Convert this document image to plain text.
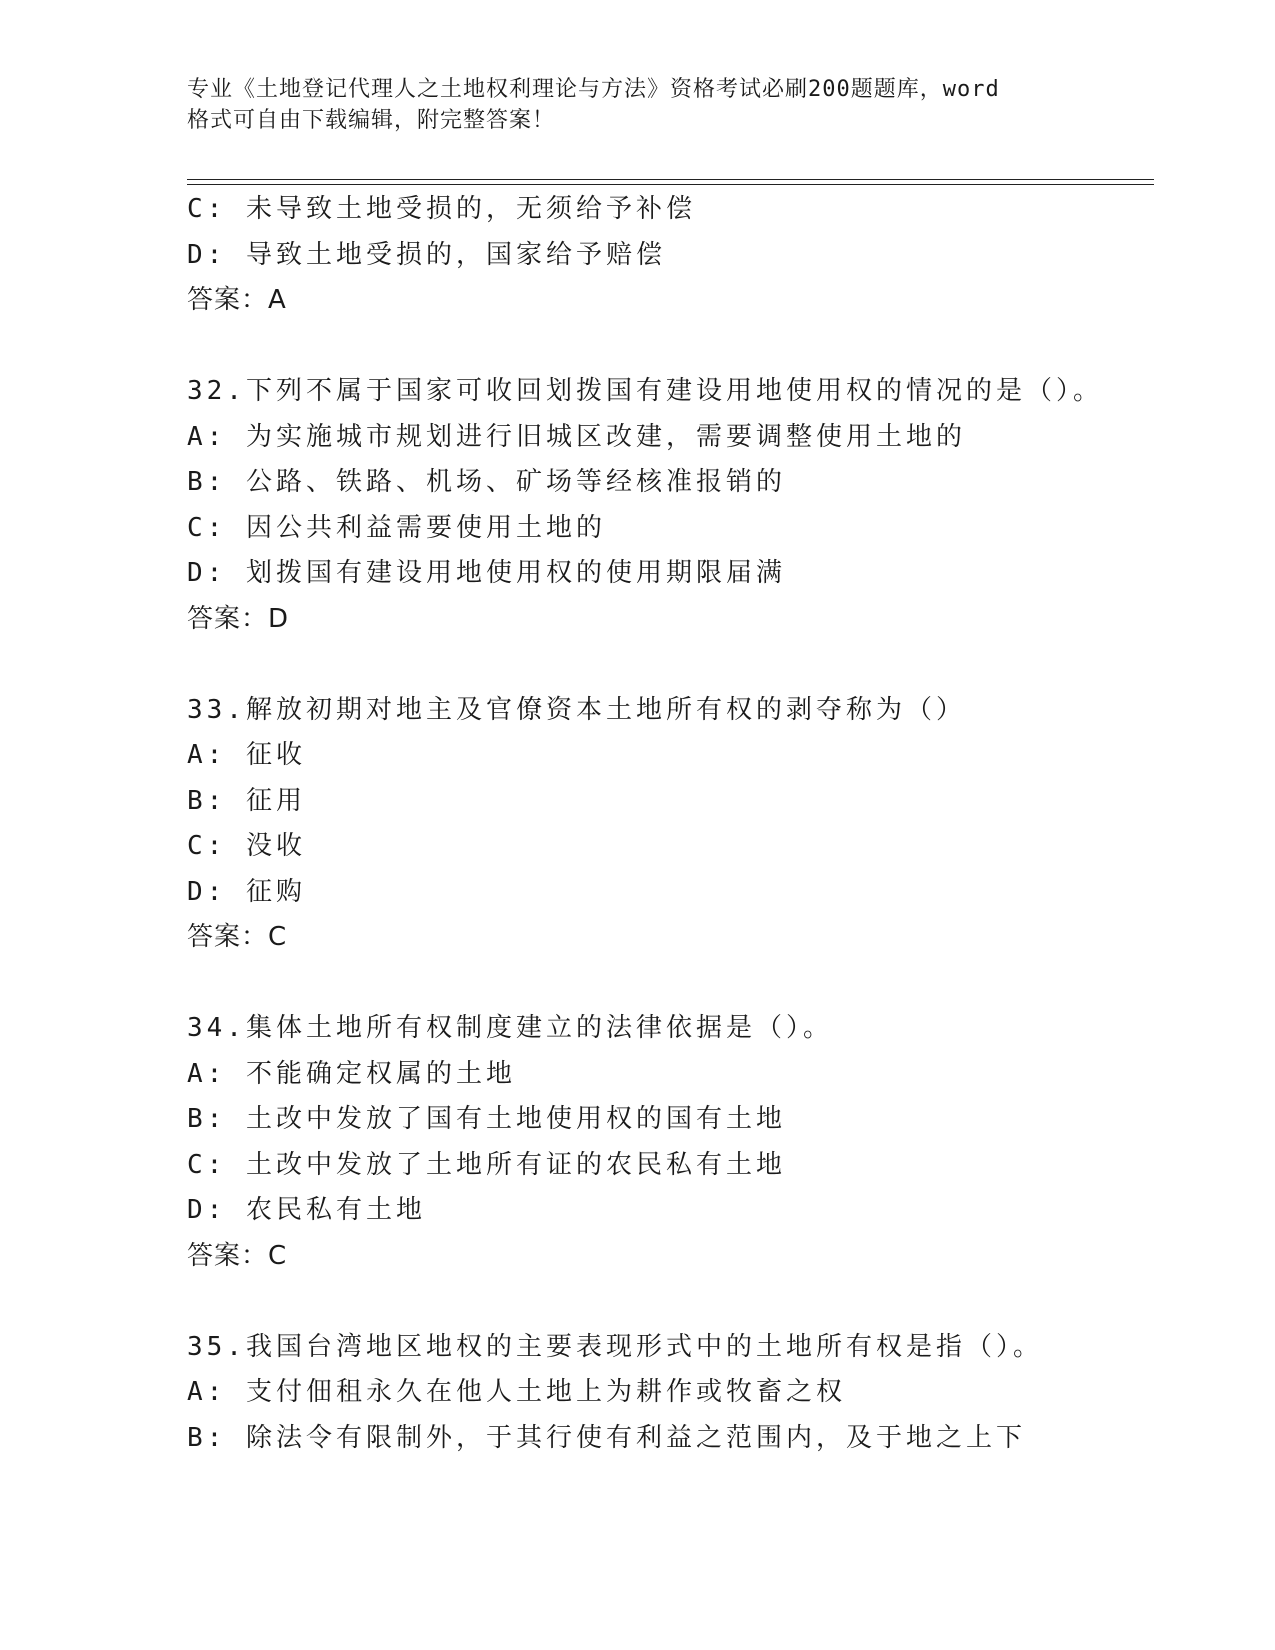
专业《土地登记代理人之土地权利理论与方法》资格考试必刷200题题库，word
格式可自由下载编辑，附完整答案！
C: 未导致土地受损的，无须给予补偿
D: 导致土地受损的，国家给予赔偿
答案：A
32.下列不属于国家可收回划拨国有建设用地使用权的情况的是（）。
A: 为实施城市规划进行旧城区改建，需要调整使用土地的
B: 公路、铁路、机场、矿场等经核准报销的
C: 因公共利益需要使用土地的
D: 划拨国有建设用地使用权的使用期限届满
答案：D
33.解放初期对地主及官僚资本土地所有权的剥夺称为（）
A: 征收
B: 征用
C: 没收
D: 征购
答案：C
34.集体土地所有权制度建立的法律依据是（）。
A: 不能确定权属的土地
B: 土改中发放了国有土地使用权的国有土地
C: 土改中发放了土地所有证的农民私有土地
D: 农民私有土地
答案：C
35.我国台湾地区地权的主要表现形式中的土地所有权是指（）。
A: 支付佃租永久在他人土地上为耕作或牧畜之权
B: 除法令有限制外，于其行使有利益之范围内，及于地之上下
